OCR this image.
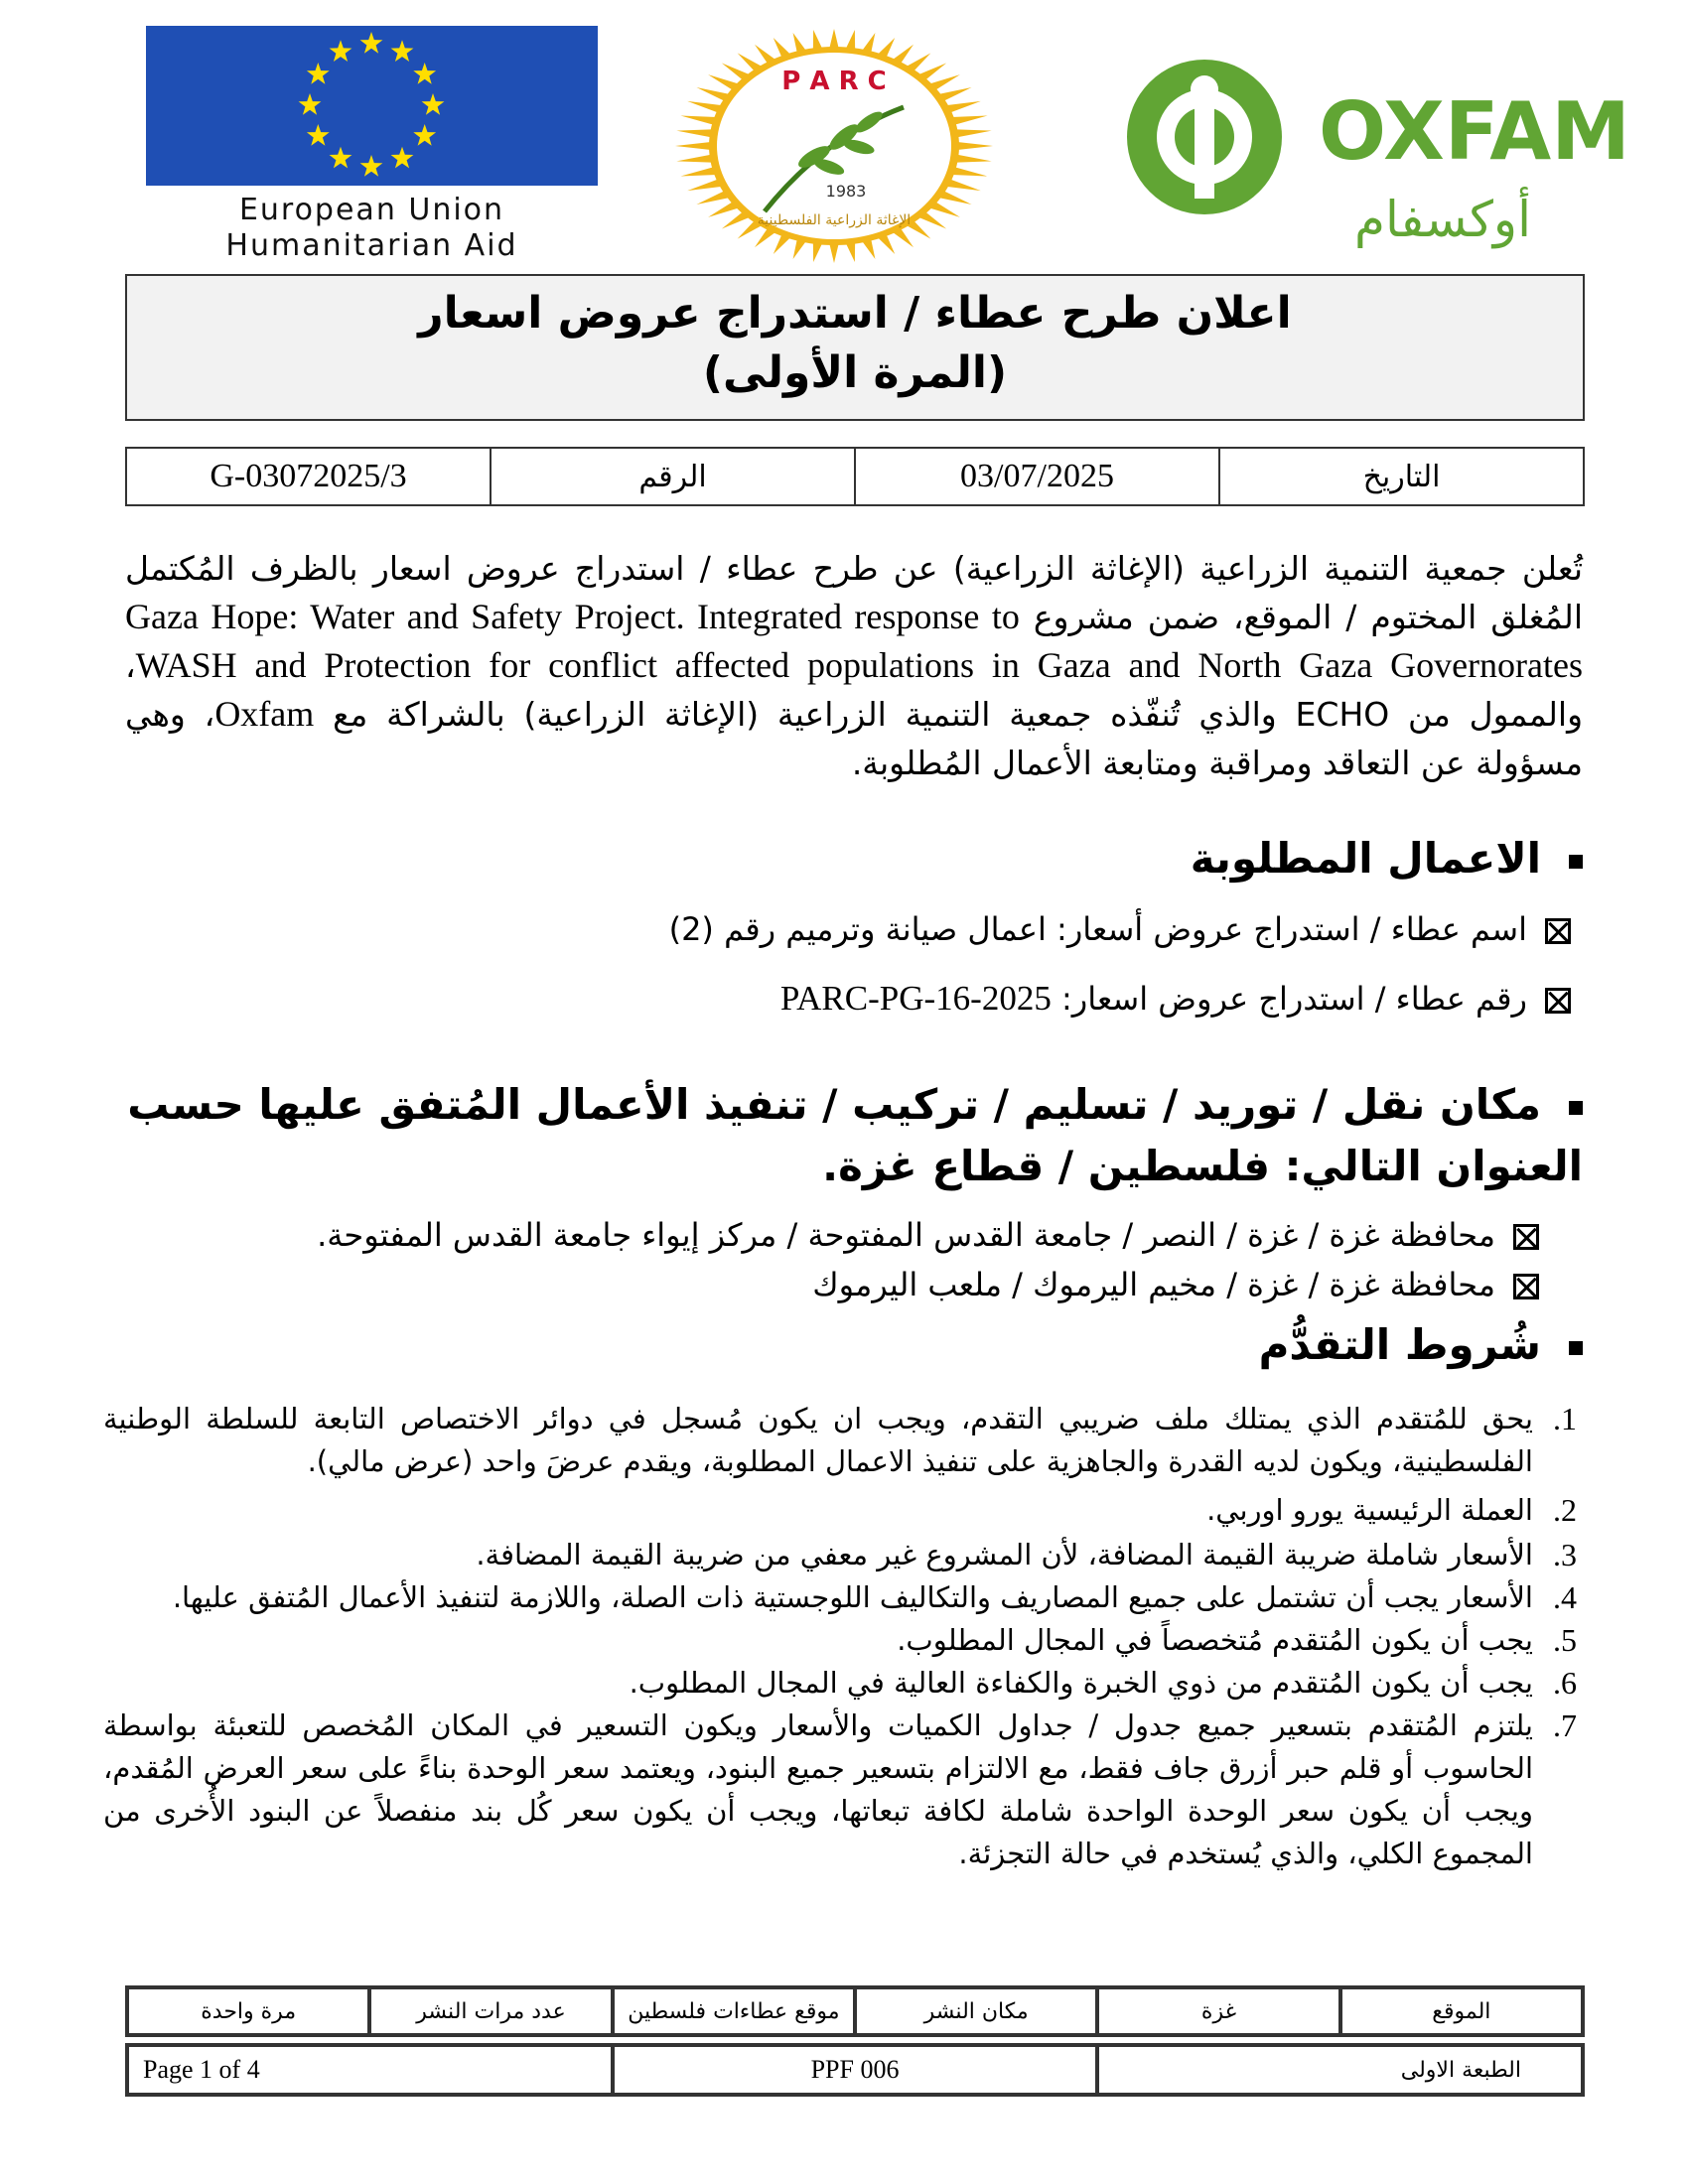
European Union
Humanitarian Aid
P A R C
1983
الإغاثة الزراعية الفلسطينية
OXFAM
أوكسفام
اعلان طرح عطاء / استدراج عروض اسعار
(المرة الأولى)
التاريخ	03/07/2025	الرقم	G-03072025/3
تُعلن جمعية التنمية الزراعية (الإغاثة الزراعية) عن طرح عطاء / استدراج عروض اسعار بالظرف المُكتمل المُغلق المختوم / الموقع، ضمن مشروع Gaza Hope: Water and Safety Project. Integrated response to WASH and Protection for conflict affected populations in Gaza and North Gaza Governorates، والممول من ECHO والذي تُنفّذه جمعية التنمية الزراعية (الإغاثة الزراعية) بالشراكة مع Oxfam، وهي مسؤولة عن التعاقد ومراقبة ومتابعة الأعمال المُطلوبة.
الاعمال المطلوبة
اسم عطاء / استدراج عروض أسعار: اعمال صيانة وترميم رقم (2)
رقم عطاء / استدراج عروض اسعار: PARC-PG-16-2025
مكان نقل / توريد / تسليم / تركيب / تنفيذ الأعمال المُتفق عليها حسب العنوان التالي: فلسطين / قطاع غزة.
محافظة غزة / غزة / النصر / جامعة القدس المفتوحة / مركز إيواء جامعة القدس المفتوحة.
محافظة غزة / غزة / مخيم اليرموك / ملعب اليرموك
شُروط التقدُّم
1.
يحق للمُتقدم الذي يمتلك ملف ضريبي التقدم، ويجب ان يكون مُسجل في دوائر الاختصاص التابعة للسلطة الوطنية الفلسطينية، ويكون لديه القدرة والجاهزية على تنفيذ الاعمال المطلوبة، ويقدم عرضَ واحد (عرض مالي).
2.
العملة الرئيسية يورو اوربي.
3.
الأسعار شاملة ضريبة القيمة المضافة، لأن المشروع غير معفي من ضريبة القيمة المضافة.
4.
الأسعار يجب أن تشتمل على جميع المصاريف والتكاليف اللوجستية ذات الصلة، واللازمة لتنفيذ الأعمال المُتفق عليها.
5.
يجب أن يكون المُتقدم مُتخصصاً في المجال المطلوب.
6.
يجب أن يكون المُتقدم من ذوي الخبرة والكفاءة العالية في المجال المطلوب.
7.
يلتزم المُتقدم بتسعير جميع جدول / جداول الكميات والأسعار ويكون التسعير في المكان المُخصص للتعبئة بواسطة الحاسوب أو قلم حبر أزرق جاف فقط، مع الالتزام بتسعير جميع البنود، ويعتمد سعر الوحدة بناءً على سعر العرض المُقدم، ويجب أن يكون سعر الوحدة الواحدة شاملة لكافة تبعاتها، ويجب أن يكون سعر كُل بند منفصلاً عن البنود الأُخرى من المجموع الكلي، والذي يُستخدم في حالة التجزئة.
الموقع	غزة	مكان النشر	موقع عطاءات فلسطين	عدد مرات النشر	مرة واحدة
الطبعة الاولى	PPF 006	Page 1 of 4
